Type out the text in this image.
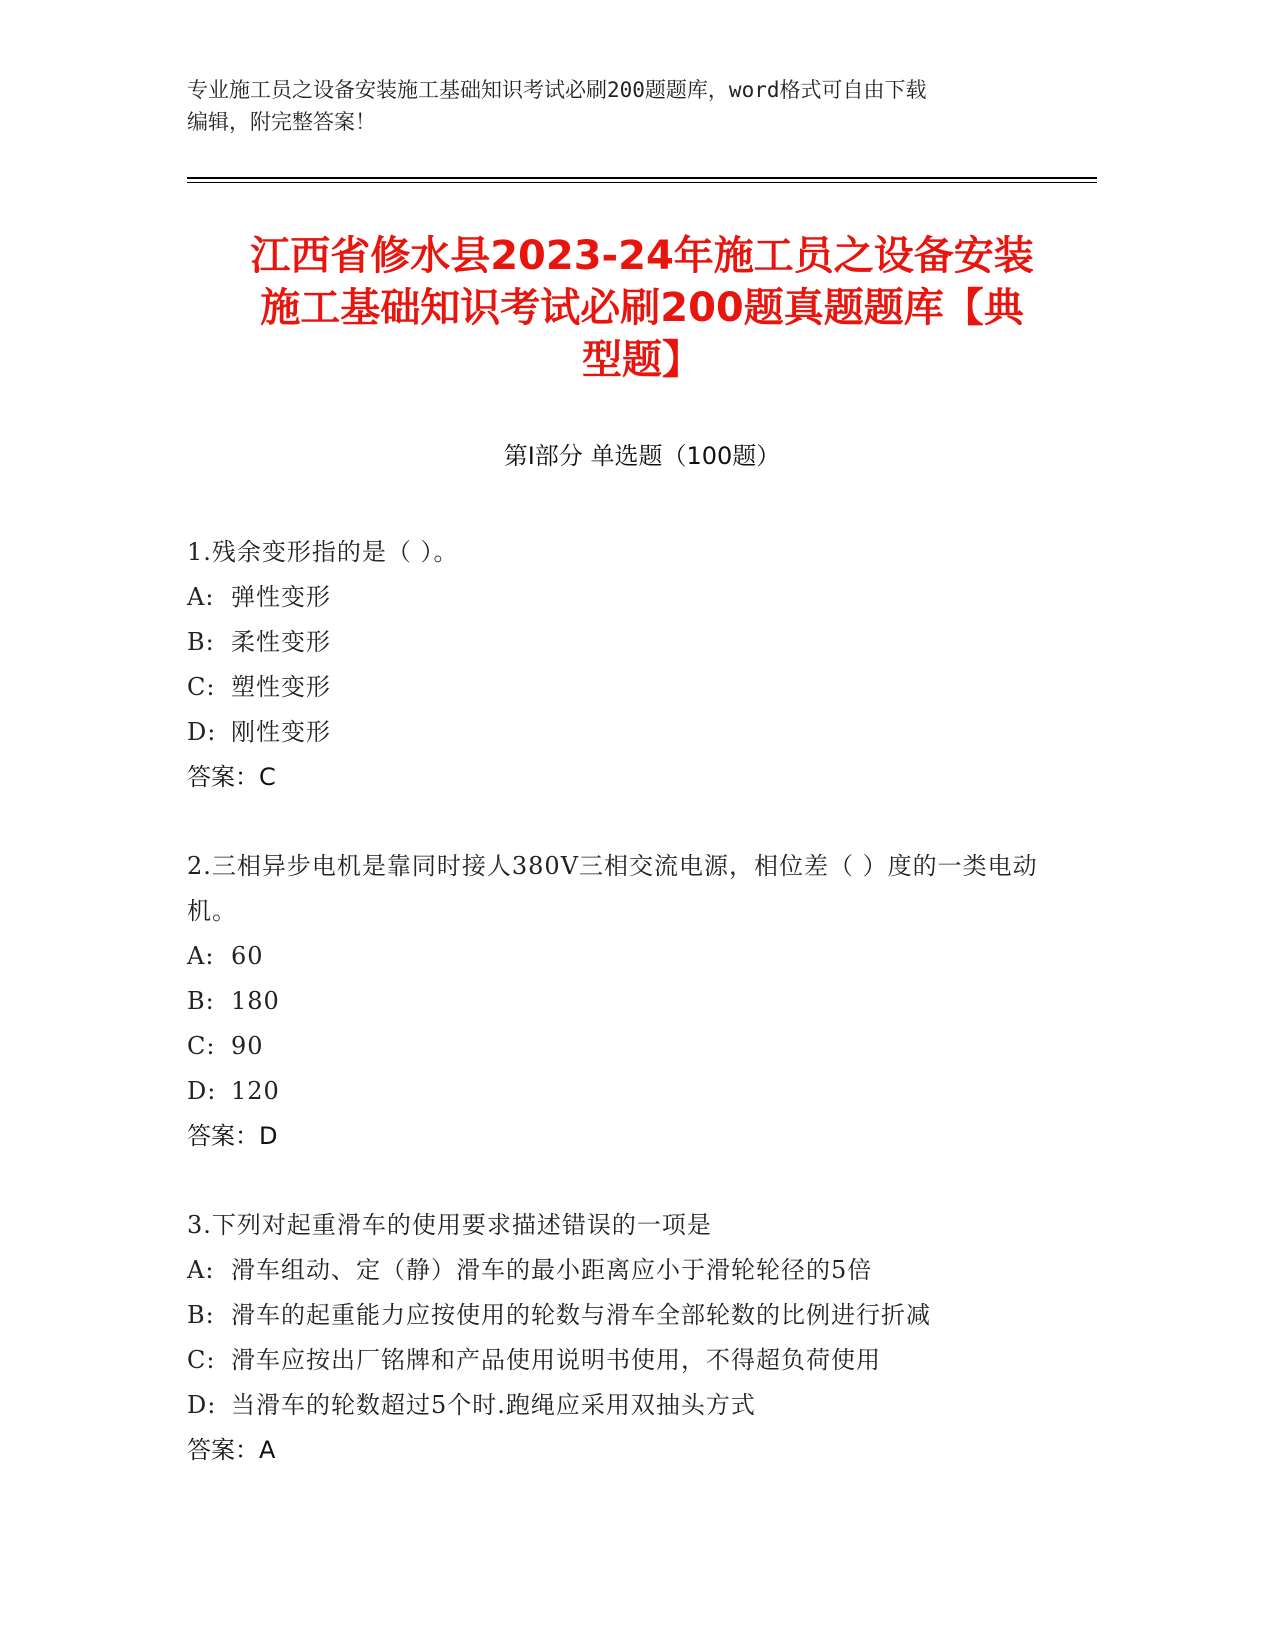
专业施工员之设备安装施工基础知识考试必刷200题题库，word格式可自由下载
编辑，附完整答案！
江西省修水县2023-24年施工员之设备安装
施工基础知识考试必刷200题真题题库【典
型题】
第Ⅰ部分 单选题（100题）
1.残余变形指的是（ ）。
A: 弹性变形
B: 柔性变形
C: 塑性变形
D: 刚性变形
答案：C
2.三相异步电机是靠同时接人380V三相交流电源，相位差（ ）度的一类电动机。
A: 60
B: 180
C: 90
D: 120
答案：D
3.下列对起重滑车的使用要求描述错误的一项是
A: 滑车组动、定（静）滑车的最小距离应小于滑轮轮径的5倍
B: 滑车的起重能力应按使用的轮数与滑车全部轮数的比例进行折减
C: 滑车应按出厂铭牌和产品使用说明书使用，不得超负荷使用
D: 当滑车的轮数超过5个时.跑绳应采用双抽头方式
答案：A
